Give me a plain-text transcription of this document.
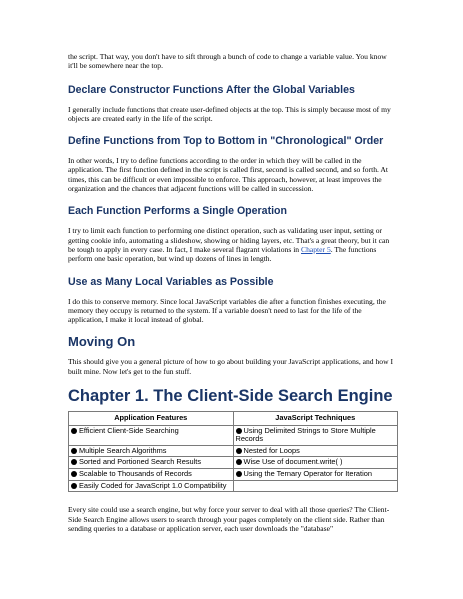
the script. That way, you don't have to sift through a bunch of code to change a variable value. You know it'll be somewhere near the top.

Declare Constructor Functions After the Global Variables

I generally include functions that create user-defined objects at the top. This is simply because most of my objects are created early in the life of the script.

Define Functions from Top to Bottom in "Chronological" Order

In other words, I try to define functions according to the order in which they will be called in the application. The first function defined in the script is called first, second is called second, and so forth. At times, this can be difficult or even impossible to enforce. This approach, however, at least improves the organization and the chances that adjacent functions will be called in succession.

Each Function Performs a Single Operation

I try to limit each function to performing one distinct operation, such as validating user input, setting or getting cookie info, automating a slideshow, showing or hiding layers, etc. That's a great theory, but it can be tough to apply in every case. In fact, I make several flagrant violations in Chapter 5. The functions perform one basic operation, but wind up dozens of lines in length.

Use as Many Local Variables as Possible

I do this to conserve memory. Since local JavaScript variables die after a function finishes executing, the memory they occupy is returned to the system. If a variable doesn't need to last for the life of the application, I make it local instead of global.

Moving On

This should give you a general picture of how to go about building your JavaScript applications, and how I built mine. Now let's get to the fun stuff.

Chapter 1. The Client-Side Search Engine
Application Features	JavaScript Techniques
Efficient Client-Side Searching	Using Delimited Strings to Store Multiple Records
Multiple Search Algorithms	Nested for Loops
Sorted and Portioned Search Results	Wise Use of document.write( )
Scalable to Thousands of Records	Using the Ternary Operator for Iteration
Easily Coded for JavaScript 1.0 Compatibility	

Every site could use a search engine, but why force your server to deal with all those queries? The Client-Side Search Engine allows users to search through your pages completely on the client side. Rather than sending queries to a database or application server, each user downloads the "database"
